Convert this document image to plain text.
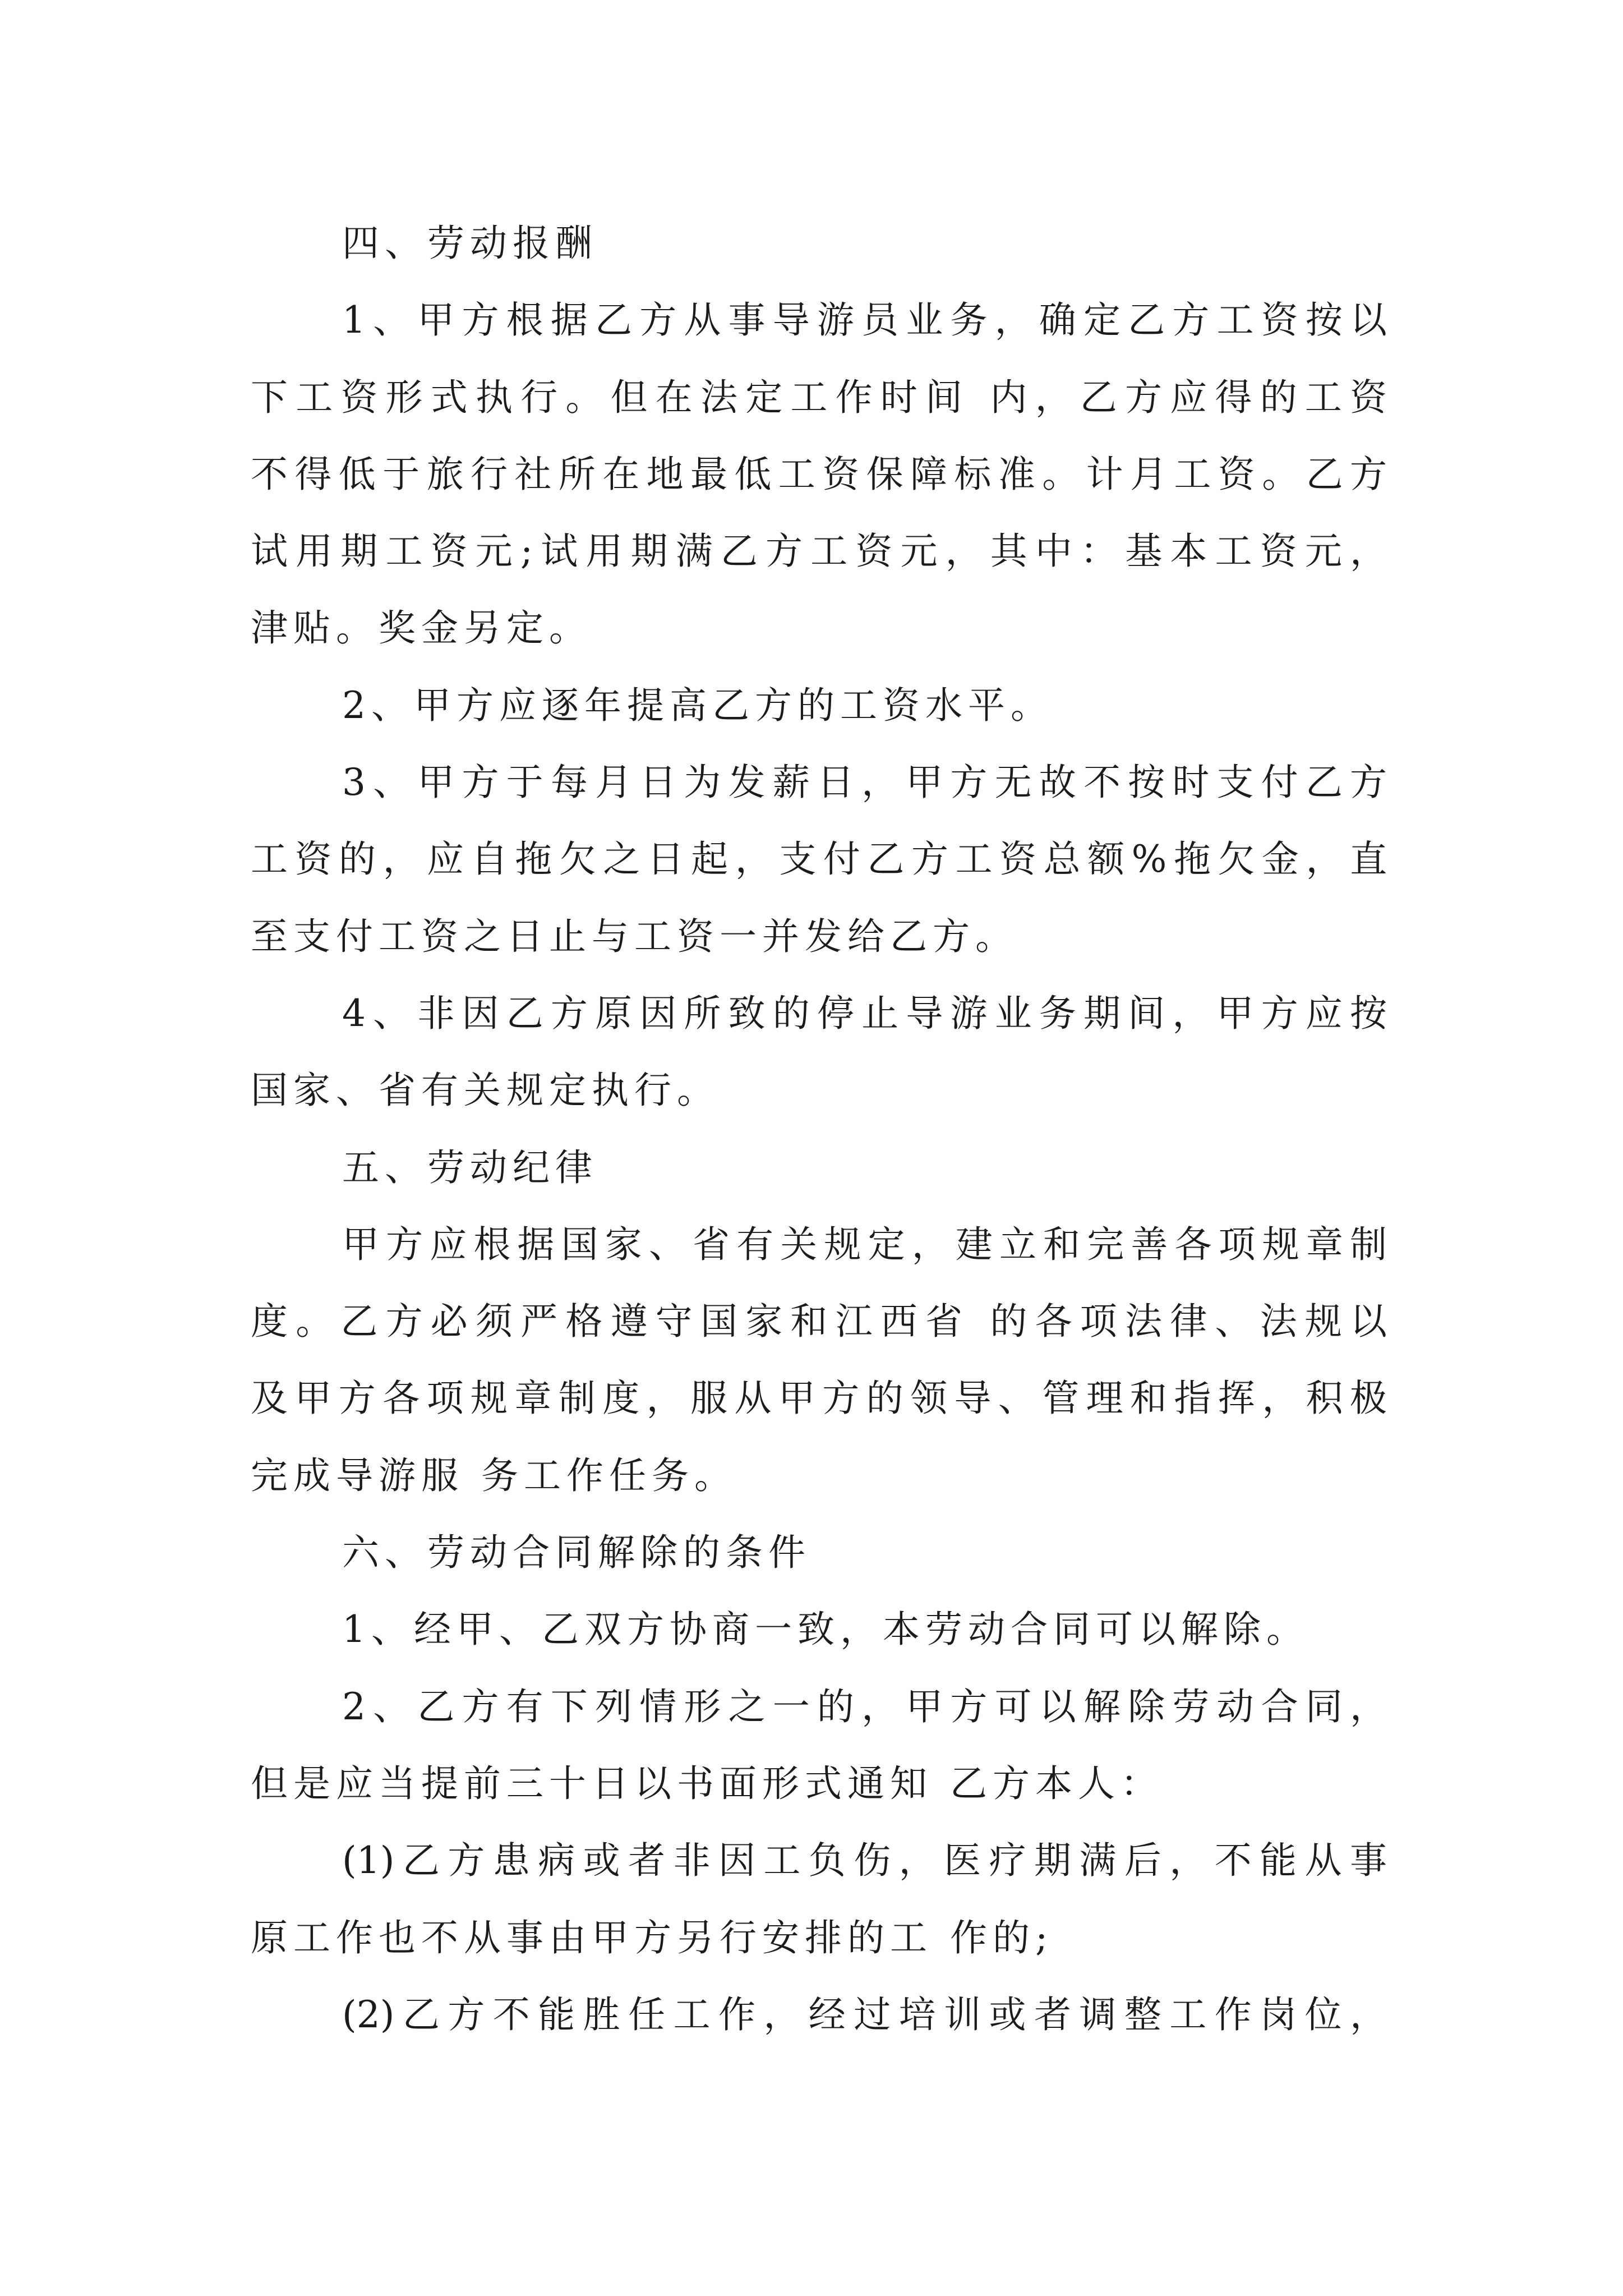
四、劳动报酬
1、甲方根据乙方从事导游员业务，确定乙方工资按以
下工资形式执行。但在法定工作时间 内，乙方应得的工资
不得低于旅行社所在地最低工资保障标准。计月工资。乙方
试用期工资元;试用期满乙方工资元，其中：基本工资元，
津贴。奖金另定。
2、甲方应逐年提高乙方的工资水平。
3、甲方于每月日为发薪日，甲方无故不按时支付乙方
工资的，应自拖欠之日起，支付乙方工资总额%拖欠金，直
至支付工资之日止与工资一并发给乙方。
4、非因乙方原因所致的停止导游业务期间，甲方应按
国家、省有关规定执行。
五、劳动纪律
甲方应根据国家、省有关规定，建立和完善各项规章制
度。乙方必须严格遵守国家和江西省 的各项法律、法规以
及甲方各项规章制度，服从甲方的领导、管理和指挥，积极
完成导游服 务工作任务。
六、劳动合同解除的条件
1、经甲、乙双方协商一致，本劳动合同可以解除。
2、乙方有下列情形之一的，甲方可以解除劳动合同，
但是应当提前三十日以书面形式通知 乙方本人：
(1)乙方患病或者非因工负伤，医疗期满后，不能从事
原工作也不从事由甲方另行安排的工 作的;
(2)乙方不能胜任工作，经过培训或者调整工作岗位，
